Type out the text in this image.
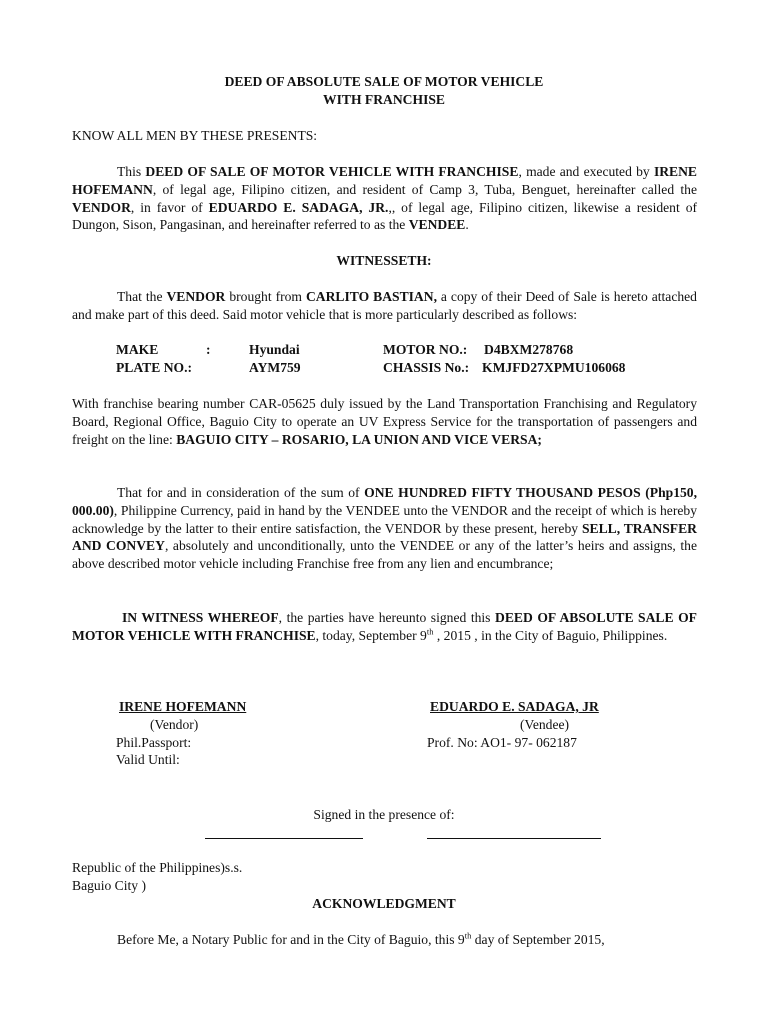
DEED OF ABSOLUTE SALE OF MOTOR VEHICLE
WITH FRANCHISE
KNOW ALL MEN BY THESE PRESENTS:
This DEED OF SALE OF MOTOR VEHICLE WITH FRANCHISE, made and executed by IRENE HOFEMANN, of legal age, Filipino citizen, and resident of Camp 3, Tuba, Benguet, hereinafter called the VENDOR, in favor of EDUARDO E. SADAGA, JR.,, of legal age, Filipino citizen, likewise a resident of Dungon, Sison, Pangasinan, and hereinafter referred to as the VENDEE.
WITNESSETH:
That the VENDOR brought from CARLITO BASTIAN, a copy of their Deed of Sale is hereto attached and make part of this deed. Said motor vehicle that is more particularly described as follows:
MAKE	:	Hyundai	MOTOR NO.: D4BXM278768
PLATE NO.:	AYM759	CHASSIS No.: KMJFD27XPMU106068
With franchise bearing number CAR-05625 duly issued by the Land Transportation Franchising and Regulatory Board, Regional Office, Baguio City to operate an UV Express Service for the transportation of passengers and freight on the line: BAGUIO CITY – ROSARIO, LA UNION AND VICE VERSA;
That for and in consideration of the sum of ONE HUNDRED FIFTY THOUSAND PESOS (Php150, 000.00), Philippine Currency, paid in hand by the VENDEE unto the VENDOR and the receipt of which is hereby acknowledge by the latter to their entire satisfaction, the VENDOR by these present, hereby SELL, TRANSFER AND CONVEY, absolutely and unconditionally, unto the VENDEE or any of the latter’s heirs and assigns, the above described motor vehicle including Franchise free from any lien and encumbrance;
IN WITNESS WHEREOF, the parties have hereunto signed this DEED OF ABSOLUTE SALE OF MOTOR VEHICLE WITH FRANCHISE, today, September 9th , 2015 , in the City of Baguio, Philippines.
IRENE HOFEMANN
(Vendor)
Phil.Passport:
Valid Until:
EDUARDO E. SADAGA, JR
(Vendee)
Prof. No: AO1- 97- 062187
Signed in the presence of:
Republic of the Philippines)s.s.
Baguio City )
ACKNOWLEDGMENT
Before Me, a Notary Public for and in the City of Baguio, this 9th day of September 2015,
